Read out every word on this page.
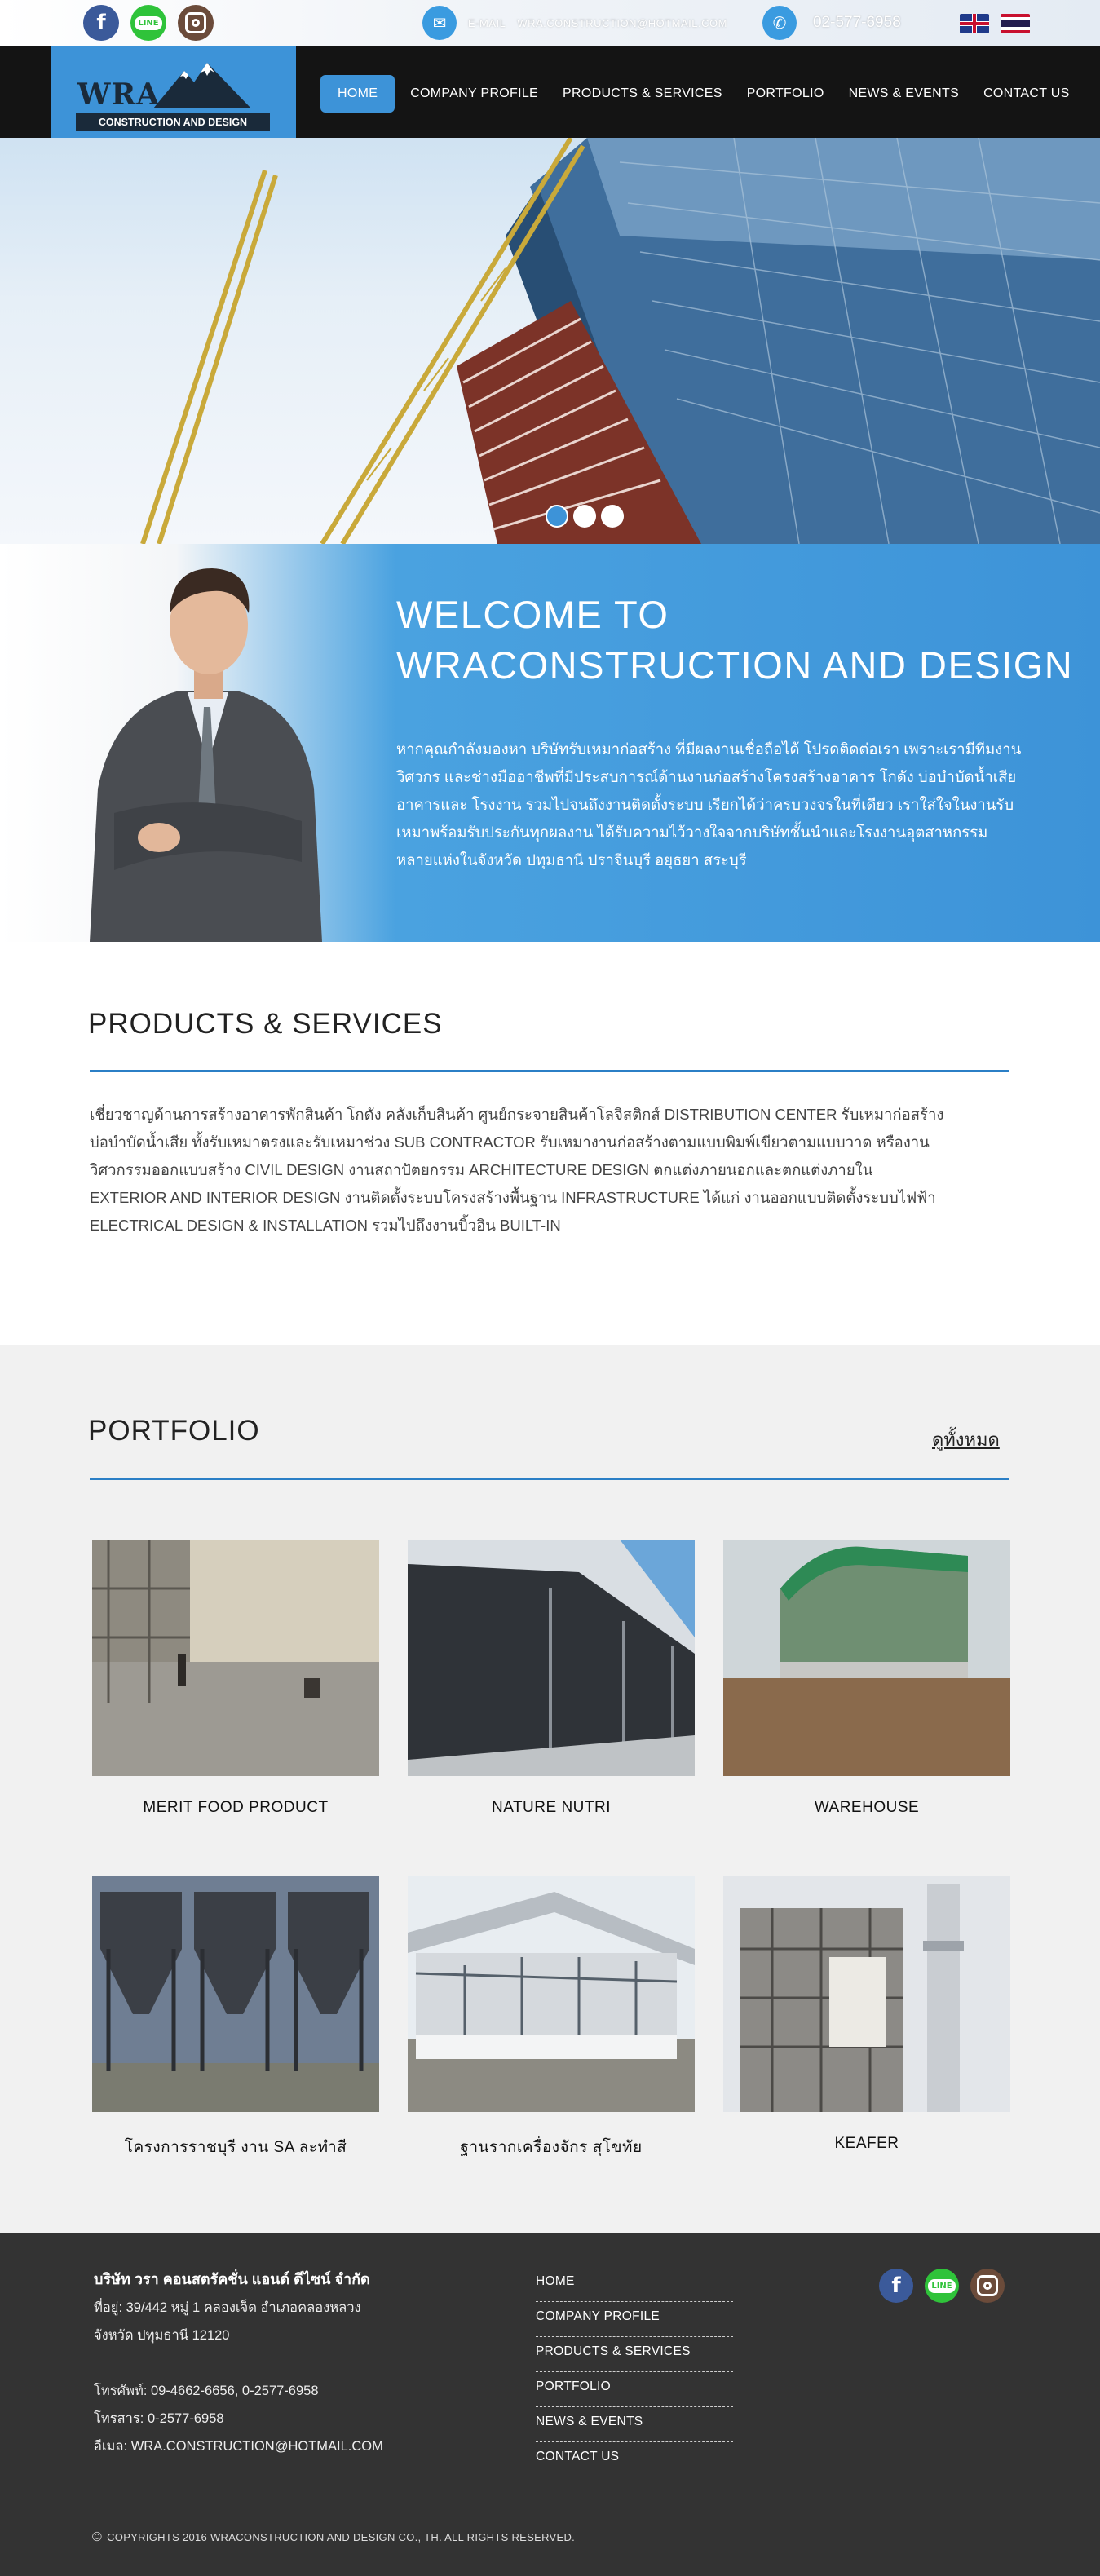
f	LINE	✉	E-MAIL WRA.CONSTRUCTION@HOTMAIL.COM	✆	02-577-6958
WRA
CONSTRUCTION AND DESIGN
HOME	COMPANY PROFILE	PRODUCTS & SERVICES	PORTFOLIO	NEWS & EVENTS	CONTACT US
WELCOME TO
WRACONSTRUCTION AND DESIGN

หากคุณกำลังมองหา บริษัทรับเหมาก่อสร้าง ที่มีผลงานเชื่อถือได้ โปรดติดต่อเรา เพราะเรามีทีมงานวิศวกร และช่างมืออาชีพที่มีประสบการณ์ด้านงานก่อสร้างโครงสร้างอาคาร โกดัง บ่อบำบัดน้ำเสีย อาคารและ โรงงาน รวมไปจนถึงงานติดตั้งระบบ เรียกได้ว่าครบวงจรในที่เดียว เราใส่ใจในงานรับเหมาพร้อมรับประกันทุกผลงาน ได้รับความไว้วางใจจากบริษัทชั้นนำและโรงงานอุตสาหกรรมหลายแห่งในจังหวัด ปทุมธานี ปราจีนบุรี อยุธยา สระบุรี

PRODUCTS & SERVICES

เชี่ยวชาญด้านการสร้างอาคารพักสินค้า โกดัง คลังเก็บสินค้า ศูนย์กระจายสินค้าโลจิสติกส์ DISTRIBUTION CENTER รับเหมาก่อสร้างบ่อบำบัดน้ำเสีย ทั้งรับเหมาตรงและรับเหมาช่วง SUB CONTRACTOR รับเหมางานก่อสร้างตามแบบพิมพ์เขียวตามแบบวาด หรืองานวิศวกรรมออกแบบสร้าง CIVIL DESIGN งานสถาปัตยกรรม ARCHITECTURE DESIGN ตกแต่งภายนอกและตกแต่งภายใน EXTERIOR AND INTERIOR DESIGN งานติดตั้งระบบโครงสร้างพื้นฐาน INFRASTRUCTURE ได้แก่ งานออกแบบติดตั้งระบบไฟฟ้า ELECTRICAL DESIGN & INSTALLATION รวมไปถึงงานบิ้วอิน BUILT-IN

PORTFOLIO	ดูทั้งหมด
MERIT FOOD PRODUCT	NATURE NUTRI	WAREHOUSE
โครงการราชบุรี งาน SA ละทำสี	ฐานรากเครื่องจักร สุโขทัย	KEAFER
บริษัท วรา คอนสตรัคชั่น แอนด์ ดีไซน์ จำกัด
ที่อยู่: 39/442 หมู่ 1 คลองเจ็ด อำเภอคลองหลวง
จังหวัด ปทุมธานี 12120
โทรศัพท์: 09-4662-6656, 0-2577-6958
โทรสาร: 0-2577-6958
อีเมล: WRA.CONSTRUCTION@HOTMAIL.COM
HOME
COMPANY PROFILE
PRODUCTS & SERVICES
PORTFOLIO
NEWS & EVENTS
CONTACT US
f	LINE
© COPYRIGHTS 2016 WRACONSTRUCTION AND DESIGN CO., TH. ALL RIGHTS RESERVED.
